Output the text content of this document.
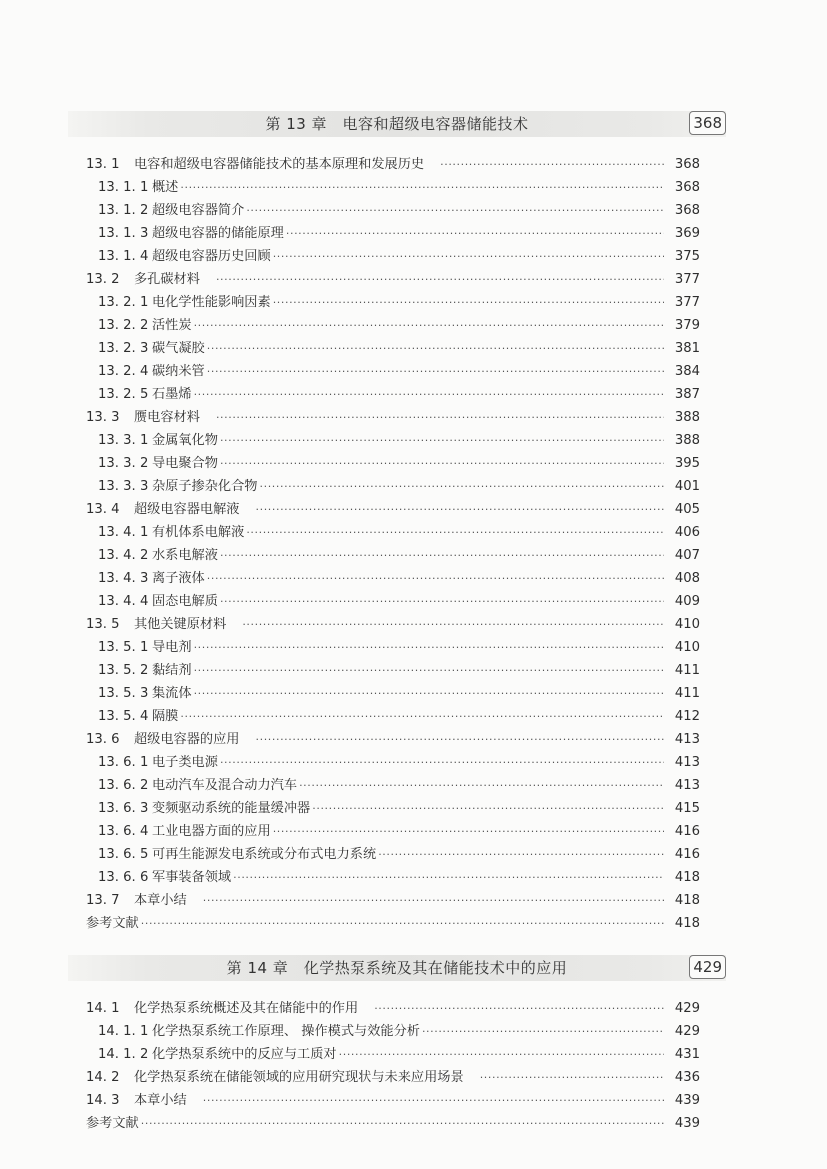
第 13 章　电容和超级电容器储能技术	368
13. 1	电容和超级电容器储能技术的基本原理和发展历史 ·····	368
13. 1. 1 概述 ·····	368
13. 1. 2 超级电容器简介 ·····	368
13. 1. 3 超级电容器的储能原理 ·····	369
13. 1. 4 超级电容器历史回顾 ·····	375
13. 2	多孔碳材料 ·····	377
13. 2. 1 电化学性能影响因素 ·····	377
13. 2. 2 活性炭 ·····	379
13. 2. 3 碳气凝胶 ·····	381
13. 2. 4 碳纳米管 ·····	384
13. 2. 5 石墨烯 ·····	387
13. 3	赝电容材料 ·····	388
13. 3. 1 金属氧化物 ·····	388
13. 3. 2 导电聚合物 ·····	395
13. 3. 3 杂原子掺杂化合物 ·····	401
13. 4	超级电容器电解液 ·····	405
13. 4. 1 有机体系电解液 ·····	406
13. 4. 2 水系电解液 ·····	407
13. 4. 3 离子液体 ·····	408
13. 4. 4 固态电解质 ·····	409
13. 5	其他关键原材料 ·····	410
13. 5. 1 导电剂 ·····	410
13. 5. 2 黏结剂 ·····	411
13. 5. 3 集流体 ·····	411
13. 5. 4 隔膜 ·····	412
13. 6	超级电容器的应用 ·····	413
13. 6. 1 电子类电源 ·····	413
13. 6. 2 电动汽车及混合动力汽车 ·····	413
13. 6. 3 变频驱动系统的能量缓冲器 ·····	415
13. 6. 4 工业电器方面的应用 ·····	416
13. 6. 5 可再生能源发电系统或分布式电力系统 ·····	416
13. 6. 6 军事装备领域 ·····	418
13. 7	本章小结 ·····	418
参考文献 ·····	418
第 14 章　化学热泵系统及其在储能技术中的应用	429
14. 1	化学热泵系统概述及其在储能中的作用 ·····	429
14. 1. 1 化学热泵系统工作原理、 操作模式与效能分析 ·····	429
14. 1. 2 化学热泵系统中的反应与工质对 ·····	431
14. 2	化学热泵系统在储能领域的应用研究现状与未来应用场景 ·····	436
14. 3	本章小结 ·····	439
参考文献 ·····	439
